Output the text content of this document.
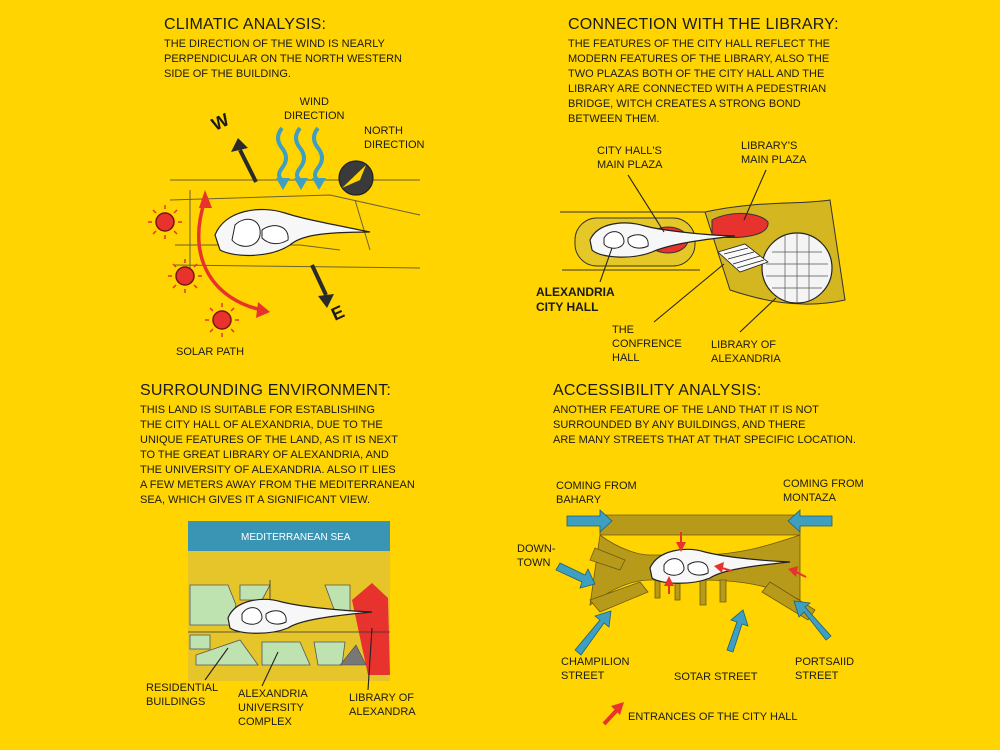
CLIMATIC ANALYSIS:
THE DIRECTION OF THE WIND IS NEARLY
PERPENDICULAR ON THE NORTH WESTERN
SIDE OF THE BUILDING.
WIND
DIRECTION
NORTH
DIRECTION
W
E
SOLAR PATH
CONNECTION WITH THE LIBRARY:
THE FEATURES OF THE CITY HALL REFLECT THE
MODERN FEATURES OF THE LIBRARY, ALSO THE
TWO PLAZAS BOTH OF THE CITY HALL AND THE
LIBRARY ARE CONNECTED WITH A PEDESTRIAN
BRIDGE, WITCH CREATES A STRONG BOND
BETWEEN THEM.
CITY HALL'S
MAIN PLAZA
LIBRARY'S
MAIN PLAZA
ALEXANDRIA
CITY HALL
THE
CONFRENCE
HALL
LIBRARY OF
ALEXANDRIA
SURROUNDING ENVIRONMENT:
THIS LAND IS SUITABLE FOR ESTABLISHING
THE CITY HALL OF ALEXANDRIA, DUE TO THE
UNIQUE FEATURES OF THE LAND, AS IT IS NEXT
TO THE GREAT LIBRARY OF ALEXANDRIA, AND
THE UNIVERSITY OF ALEXANDRIA. ALSO IT LIES
A FEW METERS AWAY FROM THE MEDITERRANEAN
SEA, WHICH GIVES IT A SIGNIFICANT VIEW.
MEDITERRANEAN SEA
RESIDENTIAL
BUILDINGS
ALEXANDRIA
UNIVERSITY
COMPLEX
LIBRARY OF
ALEXANDRA
ACCESSIBILITY ANALYSIS:
ANOTHER FEATURE OF THE LAND THAT IT IS NOT
SURROUNDED BY ANY BUILDINGS, AND THERE
ARE MANY STREETS THAT AT THAT SPECIFIC LOCATION.
COMING FROM
BAHARY
COMING FROM
MONTAZA
DOWN-
TOWN
CHAMPILION
STREET	SOTAR STREET
PORTSAIID
STREET
ENTRANCES OF THE CITY HALL
